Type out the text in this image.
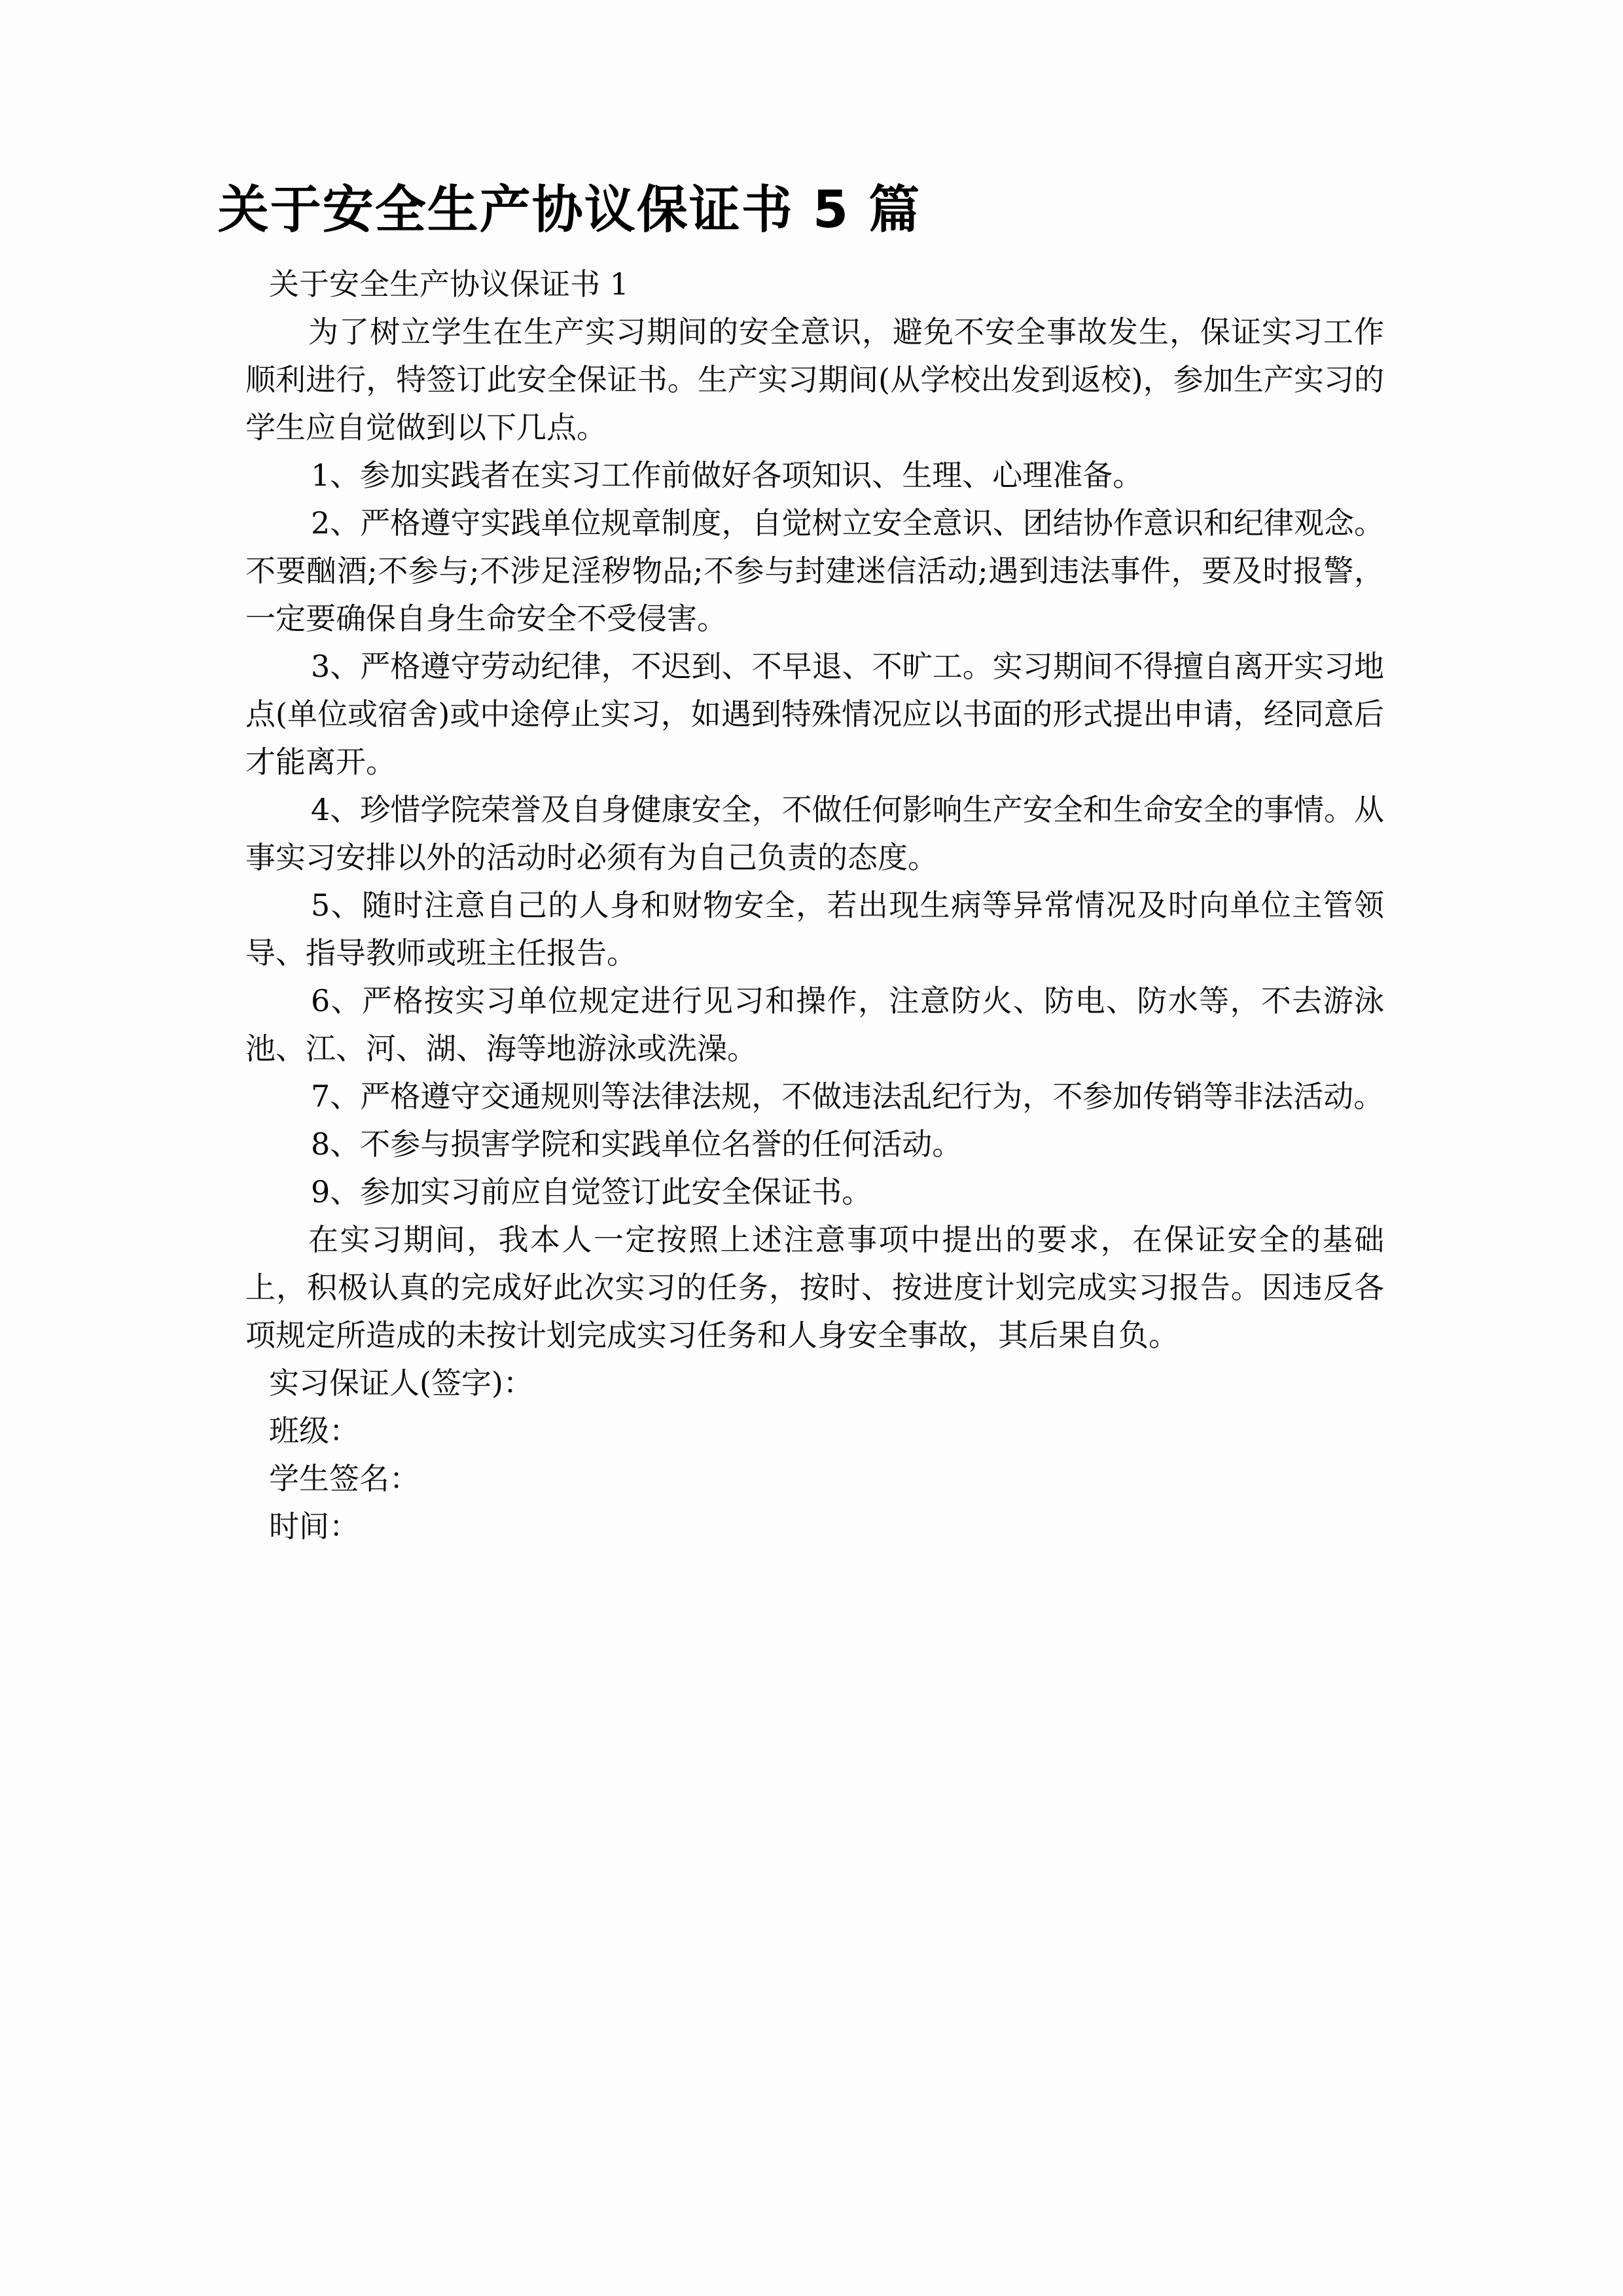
关于安全生产协议保证书 5 篇

关于安全生产协议保证书 1

为了树立学生在生产实习期间的安全意识，避免不安全事故发生，保证实习工作顺利进行，特签订此安全保证书。生产实习期间(从学校出发到返校)，参加生产实习的学生应自觉做到以下几点。

1、参加实践者在实习工作前做好各项知识、生理、心理准备。

2、严格遵守实践单位规章制度，自觉树立安全意识、团结协作意识和纪律观念。不要酗酒;不参与;不涉足淫秽物品;不参与封建迷信活动;遇到违法事件，要及时报警，一定要确保自身生命安全不受侵害。

3、严格遵守劳动纪律，不迟到、不早退、不旷工。实习期间不得擅自离开实习地点(单位或宿舍)或中途停止实习，如遇到特殊情况应以书面的形式提出申请，经同意后才能离开。

4、珍惜学院荣誉及自身健康安全，不做任何影响生产安全和生命安全的事情。从事实习安排以外的活动时必须有为自己负责的态度。

5、随时注意自己的人身和财物安全，若出现生病等异常情况及时向单位主管领导、指导教师或班主任报告。

6、严格按实习单位规定进行见习和操作，注意防火、防电、防水等，不去游泳池、江、河、湖、海等地游泳或洗澡。

7、严格遵守交通规则等法律法规，不做违法乱纪行为，不参加传销等非法活动。

8、不参与损害学院和实践单位名誉的任何活动。

9、参加实习前应自觉签订此安全保证书。

在实习期间，我本人一定按照上述注意事项中提出的要求，在保证安全的基础上，积极认真的完成好此次实习的任务，按时、按进度计划完成实习报告。因违反各项规定所造成的未按计划完成实习任务和人身安全事故，其后果自负。

实习保证人(签字)：

班级：

学生签名：

时间：
